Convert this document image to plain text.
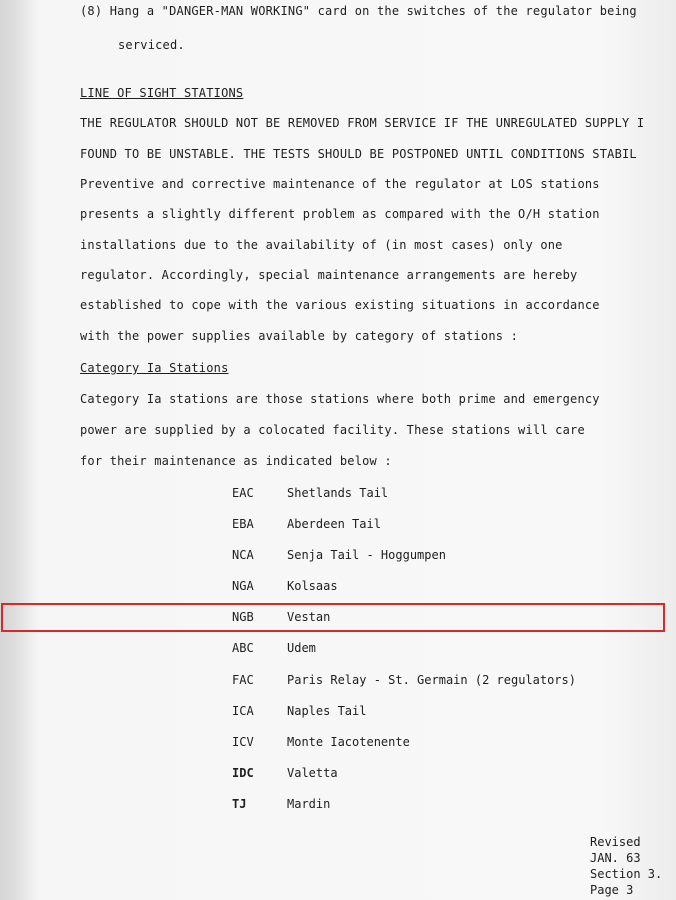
(8) Hang a "DANGER-MAN WORKING" card on the switches of the regulator being
serviced.
LINE OF SIGHT STATIONS
THE REGULATOR SHOULD NOT BE REMOVED FROM SERVICE IF THE UNREGULATED SUPPLY I
FOUND TO BE UNSTABLE. THE TESTS SHOULD BE POSTPONED UNTIL CONDITIONS STABIL
Preventive and corrective maintenance of the regulator at LOS stations
presents a slightly different problem as compared with the O/H station
installations due to the availability of (in most cases) only one
regulator. Accordingly, special maintenance arrangements are hereby
established to cope with the various existing situations in accordance
with the power supplies available by category of stations :
Category Ia Stations
Category Ia stations are those stations where both prime and emergency
power are supplied by a colocated facility. These stations will care
for their maintenance as indicated below :
EAC	Shetlands Tail
EBA	Aberdeen Tail
NCA	Senja Tail - Hoggumpen
NGA	Kolsaas
NGB	Vestan
ABC	Udem
FAC	Paris Relay - St. Germain (2 regulators)
ICA	Naples Tail
ICV	Monte Iacotenente
IDC	Valetta
TJ	Mardin
Revised
JAN. 63
Section 3.
Page 3
